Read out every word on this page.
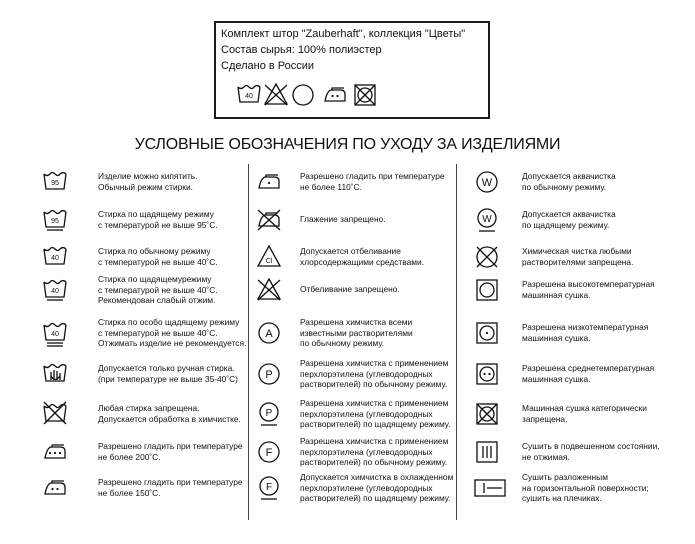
Комплект штор "Zauberhaft", коллекция "Цветы"
Состав сырья: 100% полиэстер
Сделано в России
40
УСЛОВНЫЕ ОБОЗНАЧЕНИЯ ПО УХОДУ ЗА ИЗДЕЛИЯМИ
95
Изделие можно кипятить.
Обычный режим стирки.
95
Стирка по щадящему режиму
с температурой не выше 95˚С.
40
Стирка по обычному режиму
с температурой не выше 40˚С.
40
Стирка по щадящемурежиму
с температурой не выше 40˚С.
Рекомендован слабый отжим.
40
Стирка по особо щадящему режиму
с температурой не выше 40˚С.
Отжимать изделие не рекомендуется.
Допускается только ручная стирка.
(при температуре не выше 35-40˚С)
Любая стирка запрещена.
Допускается обработка в химчистке.
Разрешено гладить при температуре
не более 200˚С.
Разрешено гладить при температуре
не более 150˚С.
Разрешено гладить при температуре
не более 110˚С.
Глажение запрещено.
Cl
Допускается отбеливание
хлорсодержащими средствами.
Отбеливание запрещено.
A
Разрешена химчистка всеми
известными растворителями
по обычному режиму.
P
Разрешена химчистка с применением
перхлорэтилена (углеводородных
растворителей) по обычному режиму.
P
Разрешена химчистка с применением
перхлорэтилена (углеводородных
растворителей) по щадящему режиму.
F
Разрешена химчистка с применением
перхлорэтилена (углеводородных
растворителей) по обычному режиму.
F
Допускается химчистка в охлажденном
перхлорэтилене (углеводородных
растворителей) по щадящему режиму.
W
Допускается аквачистка
по обычному режиму.
W	Допускается аквачистка
по щадящему режиму.
Химическая чистка любыми
растворителями запрещена.
Разрешена высокотемпературная
машинная сушка.
Разрешена низкотемпературная
машинная сушка.
Разрешена среднетемпературная
машинная сушка.
Машинная сушка категорически
запрещена.
Сушить в подвешенном состоянии,
не отжимая.
Сушить разложенным
на горизонтальной поверхности;
сушить на плечиках.
